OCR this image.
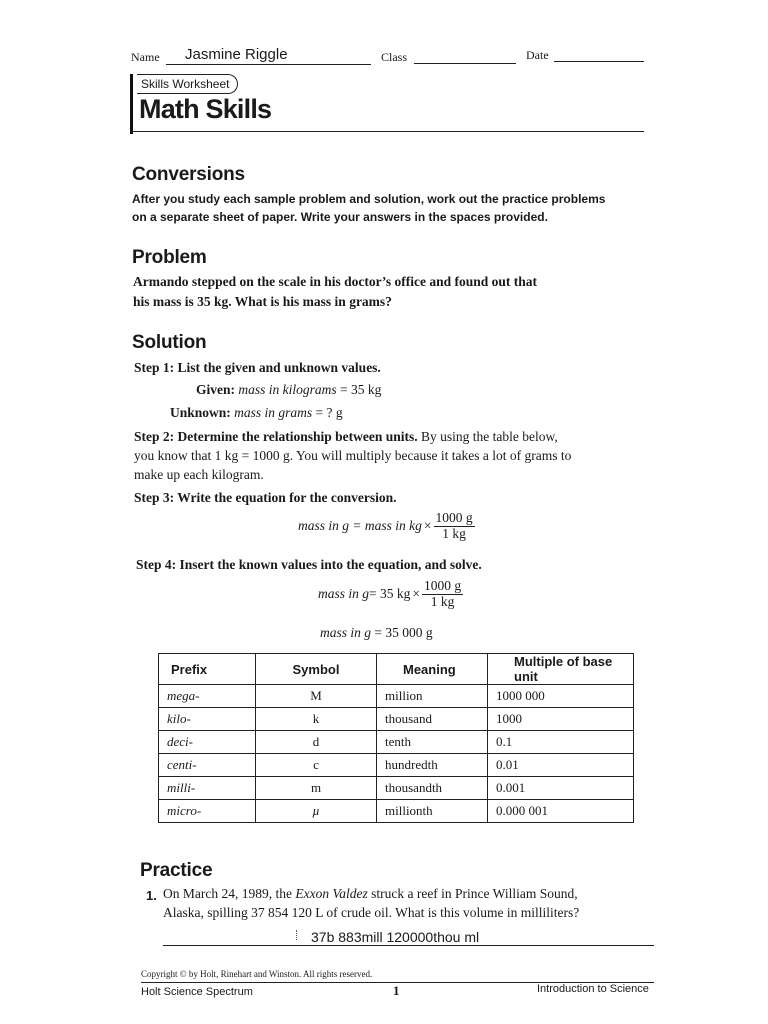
Name Jasmine Riggle	Class	Date
Skills Worksheet
Math Skills
Conversions
After you study each sample problem and solution, work out the practice problems
on a separate sheet of paper. Write your answers in the spaces provided.
Problem
Armando stepped on the scale in his doctor’s office and found out that
his mass is 35 kg. What is his mass in grams?
Solution
Step 1: List the given and unknown values.
Given: mass in kilograms = 35 kg
Unknown: mass in grams = ? g
Step 2: Determine the relationship between units. By using the table below,
you know that 1 kg = 1000 g. You will multiply because it takes a lot of grams to
make up each kilogram.
Step 3: Write the equation for the conversion.
mass in g = mass in kg × $\frac{1000 g}{1 kg}$
Step 4: Insert the known values into the equation, and solve.
mass in g = 35 kg × $\frac{1000 g}{1 kg}$
mass in g = 35 000 g
Prefix	Symbol	Meaning	Multiple of base unit
mega-	M	million	1000 000
kilo-	k	thousand	1000
deci-	d	tenth	0.1
centi-	c	hundredth	0.01
milli-	m	thousandth	0.001
micro-	µ	millionth	0.000 001
Practice
1. On March 24, 1989, the Exxon Valdez struck a reef in Prince William Sound,
Alaska, spilling 37 854 120 L of crude oil. What is this volume in milliliters?
37b 883mill 120000thou ml
Copyright © by Holt, Rinehart and Winston. All rights reserved.
Holt Science Spectrum	1	Introduction to Science
